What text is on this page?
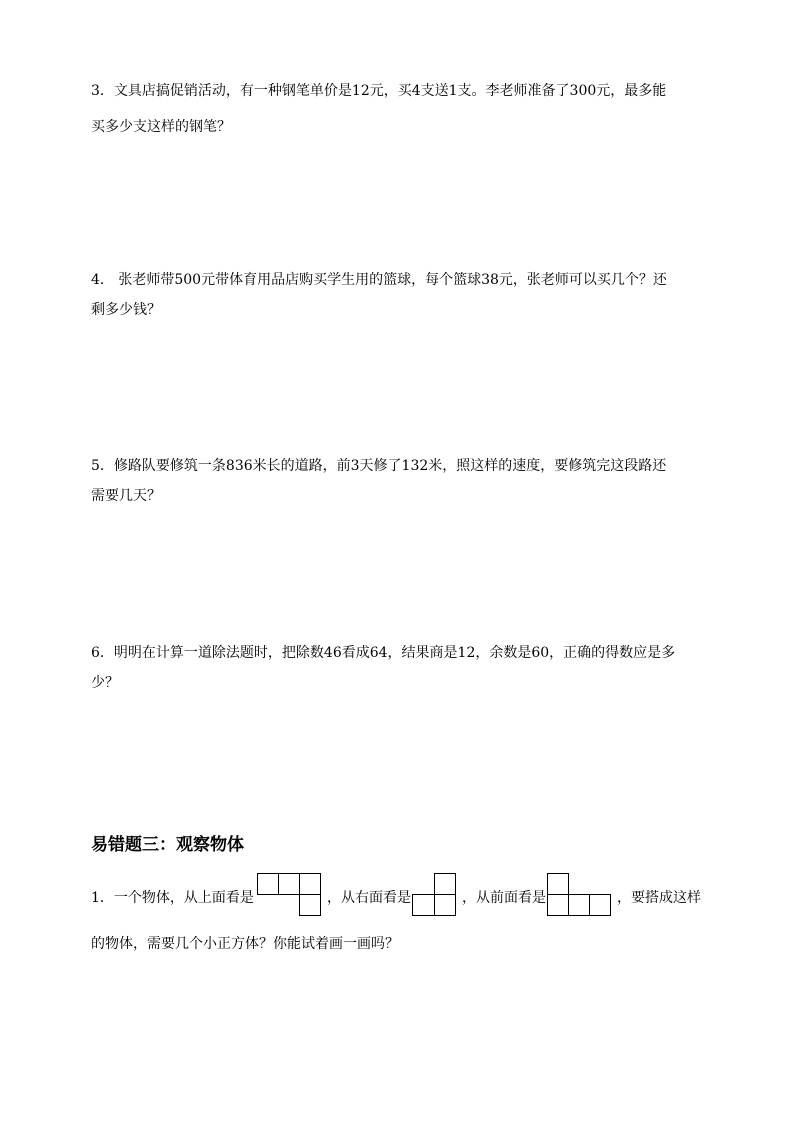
3．文具店搞促销活动，有一种钢笔单价是12元，买4支送1支。李老师准备了300元，最多能
买多少支这样的钢笔？
4． 张老师带500元带体育用品店购买学生用的篮球，每个篮球38元，张老师可以买几个？还
剩多少钱？
5．修路队要修筑一条836米长的道路，前3天修了132米，照这样的速度，要修筑完这段路还
需要几天？
6．明明在计算一道除法题时，把除数46看成64，结果商是12，余数是60，正确的得数应是多
少？
易错题三：观察物体
1．一个物体，从上面看是	，从右面看是	，从前面看是	，要搭成这样
的物体，需要几个小正方体？你能试着画一画吗？
